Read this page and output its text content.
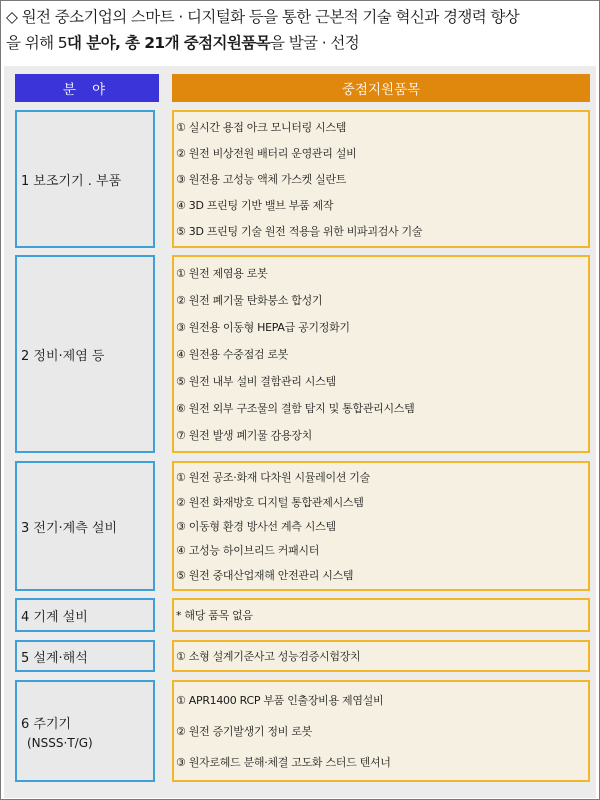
◇ 원전 중소기업의 스마트 · 디지털화 등을 통한 근본적 기술 혁신과 경쟁력 향상
을 위해 5대 분야, 총 21개 중점지원품목을 발굴 · 선정
분 야	중점지원품목
1 보조기기 . 부품
① 실시간 용접 아크 모니터링 시스템
② 원전 비상전원 배터리 운영관리 설비
③ 원전용 고성능 액체 가스켓 실란트
④ 3D 프린팅 기반 밸브 부품 제작
⑤ 3D 프린팅 기술 원전 적용을 위한 비파괴검사 기술
2 정비·제염 등
① 원전 제염용 로봇
② 원전 폐기물 탄화붕소 합성기
③ 원전용 이동형 HEPA급 공기정화기
④ 원전용 수중점검 로봇
⑤ 원전 내부 설비 결함관리 시스템
⑥ 원전 외부 구조물의 결함 탐지 및 통합관리시스템
⑦ 원전 발생 폐기물 감용장치
3 전기·계측 설비
① 원전 공조·화재 다차원 시뮬레이션 기술
② 원전 화재방호 디지털 통합관제시스템
③ 이동형 환경 방사선 계측 시스템
④ 고성능 하이브리드 커패시터
⑤ 원전 중대산업재해 안전관리 시스템
4 기계 설비	* 해당 품목 없음
5 설계·해석	① 소형 설계기준사고 성능검증시험장치
6 주기기
(NSSS·T/G)
① APR1400 RCP 부품 인출장비용 제염설비
② 원전 증기발생기 정비 로봇
③ 원자로헤드 분해·체결 고도화 스터드 텐셔너
